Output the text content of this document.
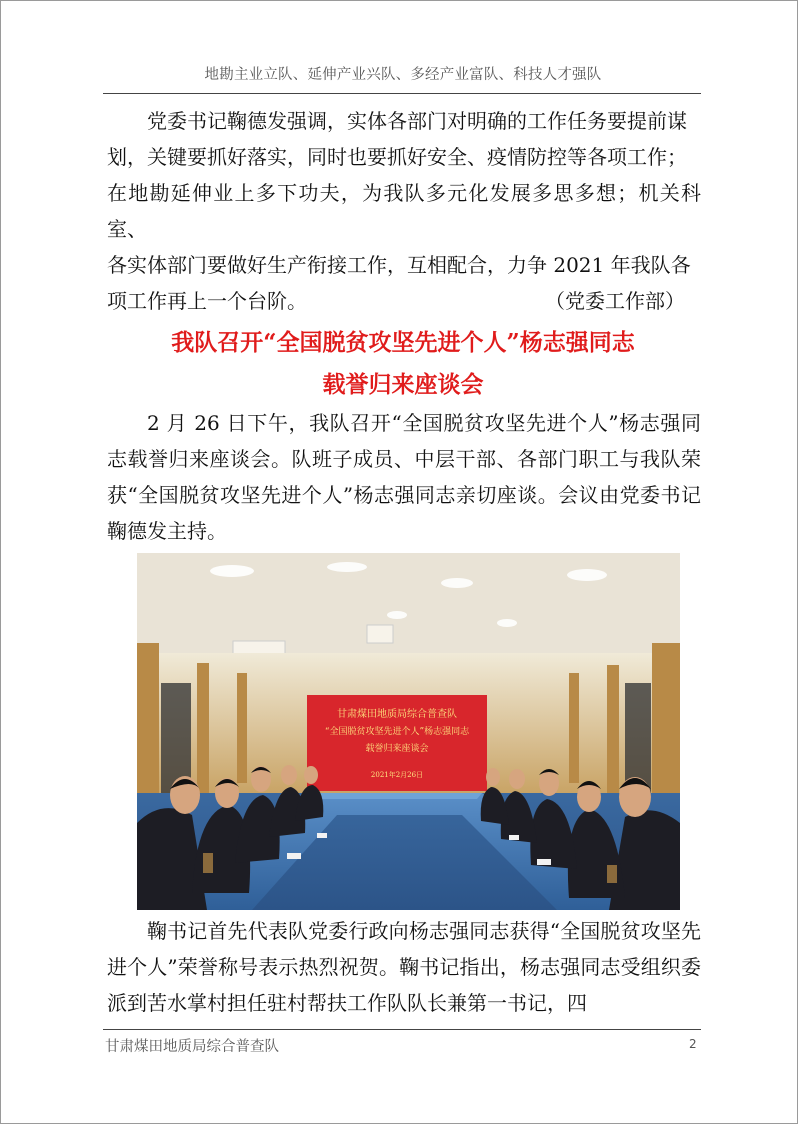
地勘主业立队、延伸产业兴队、多经产业富队、科技人才强队

党委书记鞠德发强调，实体各部门对明确的工作任务要提前谋
划，关键要抓好落实，同时也要抓好安全、疫情防控等各项工作；
在地勘延伸业上多下功夫，为我队多元化发展多思多想；机关科室、
各实体部门要做好生产衔接工作，互相配合，力争 2021 年我队各
项工作再上一个台阶。	（党委工作部）
我队召开“全国脱贫攻坚先进个人”杨志强同志
载誉归来座谈会

2 月 26 日下午，我队召开“全国脱贫攻坚先进个人”杨志强同志载誉归来座谈会。队班子成员、中层干部、各部门职工与我队荣获“全国脱贫攻坚先进个人”杨志强同志亲切座谈。会议由党委书记鞠德发主持。

甘肃煤田地质局综合普查队
“全国脱贫攻坚先进个人”杨志强同志
载誉归来座谈会
2021年2月26日

鞠书记首先代表队党委行政向杨志强同志获得“全国脱贫攻坚先进个人”荣誉称号表示热烈祝贺。鞠书记指出，杨志强同志受组织委派到苦水掌村担任驻村帮扶工作队队长兼第一书记，四

甘肃煤田地质局综合普查队	2
